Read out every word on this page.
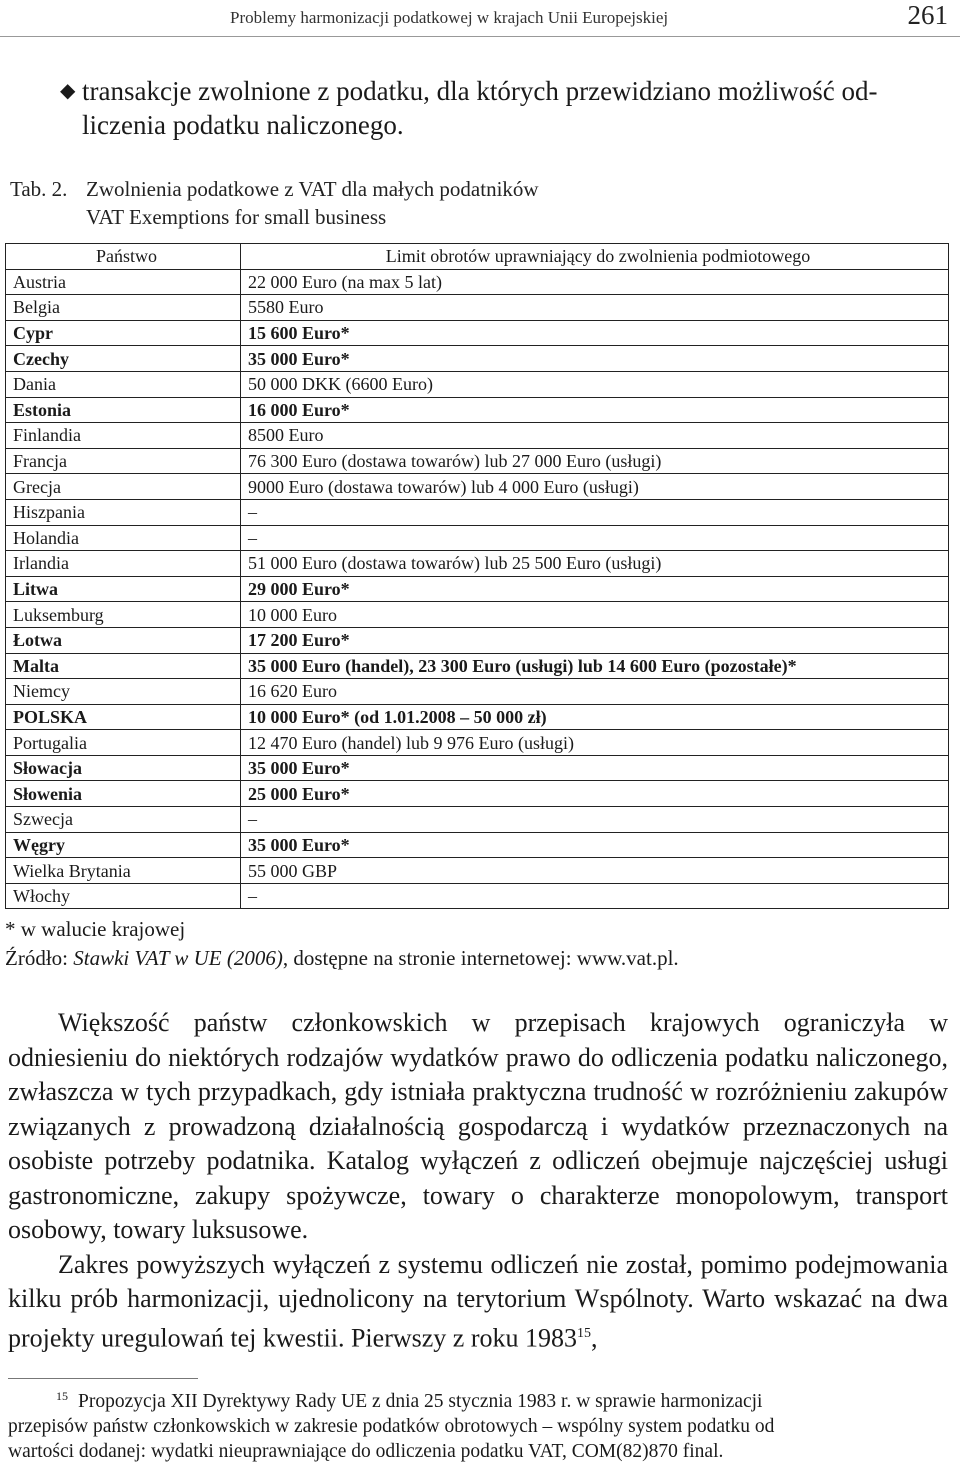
Problemy harmonizacji podatkowej w krajach Unii Europejskiej	261
◆ transakcje zwolnione z podatku, dla których przewidziano możliwość od-
liczenia podatku naliczonego.
Tab. 2. Zwolnienia podatkowe z VAT dla małych podatników
VAT Exemptions for small business
Państwo	Limit obrotów uprawniający do zwolnienia podmiotowego
Austria	22 000 Euro (na max 5 lat)
Belgia	5580 Euro
Cypr	15 600 Euro*
Czechy	35 000 Euro*
Dania	50 000 DKK (6600 Euro)
Estonia	16 000 Euro*
Finlandia	8500 Euro
Francja	76 300 Euro (dostawa towarów) lub 27 000 Euro (usługi)
Grecja	9000 Euro (dostawa towarów) lub 4 000 Euro (usługi)
Hiszpania	–
Holandia	–
Irlandia	51 000 Euro (dostawa towarów) lub 25 500 Euro (usługi)
Litwa	29 000 Euro*
Luksemburg	10 000 Euro
Łotwa	17 200 Euro*
Malta	35 000 Euro (handel), 23 300 Euro (usługi) lub 14 600 Euro (pozostałe)*
Niemcy	16 620 Euro
POLSKA	10 000 Euro* (od 1.01.2008 – 50 000 zł)
Portugalia	12 470 Euro (handel) lub 9 976 Euro (usługi)
Słowacja	35 000 Euro*
Słowenia	25 000 Euro*
Szwecja	–
Węgry	35 000 Euro*
Wielka Brytania	55 000 GBP
Włochy	–
* w walucie krajowej
Źródło: Stawki VAT w UE (2006), dostępne na stronie internetowej: www.vat.pl.

Większość państw członkowskich w przepisach krajowych ograniczyła w odniesieniu do niektórych rodzajów wydatków prawo do odliczenia podatku naliczonego, zwłaszcza w tych przypadkach, gdy istniała praktyczna trudność w rozróżnieniu zakupów związanych z prowadzoną działalnością gospodarczą i wydatków przeznaczonych na osobiste potrzeby podatnika. Katalog wyłączeń z odliczeń obejmuje najczęściej usługi gastronomiczne, zakupy spożywcze, towary o charakterze monopolowym, transport osobowy, towary luksusowe.

Zakres powyższych wyłączeń z systemu odliczeń nie został, pomimo podejmowania kilku prób harmonizacji, ujednolicony na terytorium Wspólnoty. Warto wskazać na dwa projekty uregulowań tej kwestii. Pierwszy z roku 1983$^{15}$,

15 Propozycja XII Dyrektywy Rady UE z dnia 25 stycznia 1983 r. w sprawie harmonizacji
przepisów państw członkowskich w zakresie podatków obrotowych – wspólny system podatku od
wartości dodanej: wydatki nieuprawniające do odliczenia podatku VAT, COM(82)870 final.
